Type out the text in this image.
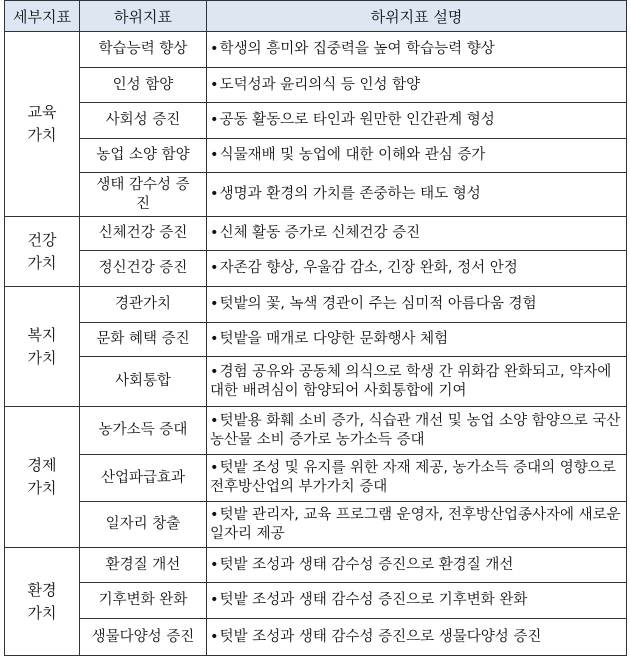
세부지표	하위지표	하위지표 설명
교육 가치	학습능력 향상	•학생의 흥미와 집중력을 높여 학습능력 향상
	인성 함양	•도덕성과 윤리의식 등 인성 함양
	사회성 증진	•공동 활동으로 타인과 원만한 인간관계 형성
	농업 소양 함양	•식물재배 및 농업에 대한 이해와 관심 증가
	생태 감수성 증진	•생명과 환경의 가치를 존중하는 태도 형성
건강 가치	신체건강 증진	•신체 활동 증가로 신체건강 증진
	정신건강 증진	•자존감 향상, 우울감 감소, 긴장 완화, 정서 안정
복지 가치	경관가치	•텃밭의 꽃, 녹색 경관이 주는 심미적 아름다움 경험
	문화 혜택 증진	•텃밭을 매개로 다양한 문화행사 체험
	사회통합	•경험 공유와 공동체 의식으로 학생 간 위화감 완화되고, 약자에 대한 배려심이 함양되어 사회통합에 기여
경제 가치	농가소득 증대	•텃밭용 화훼 소비 증가, 식습관 개선 및 농업 소양 함양으로 국산 농산물 소비 증가로 농가소득 증대
	산업파급효과	•텃밭 조성 및 유지를 위한 자재 제공, 농가소득 증대의 영향으로 전후방산업의 부가가치 증대
	일자리 창출	•텃밭 관리자, 교육 프로그램 운영자, 전후방산업종사자에 새로운 일자리 제공
환경 가치	환경질 개선	•텃밭 조성과 생태 감수성 증진으로 환경질 개선
	기후변화 완화	•텃밭 조성과 생태 감수성 증진으로 기후변화 완화
	생물다양성 증진	•텃밭 조성과 생태 감수성 증진으로 생물다양성 증진
